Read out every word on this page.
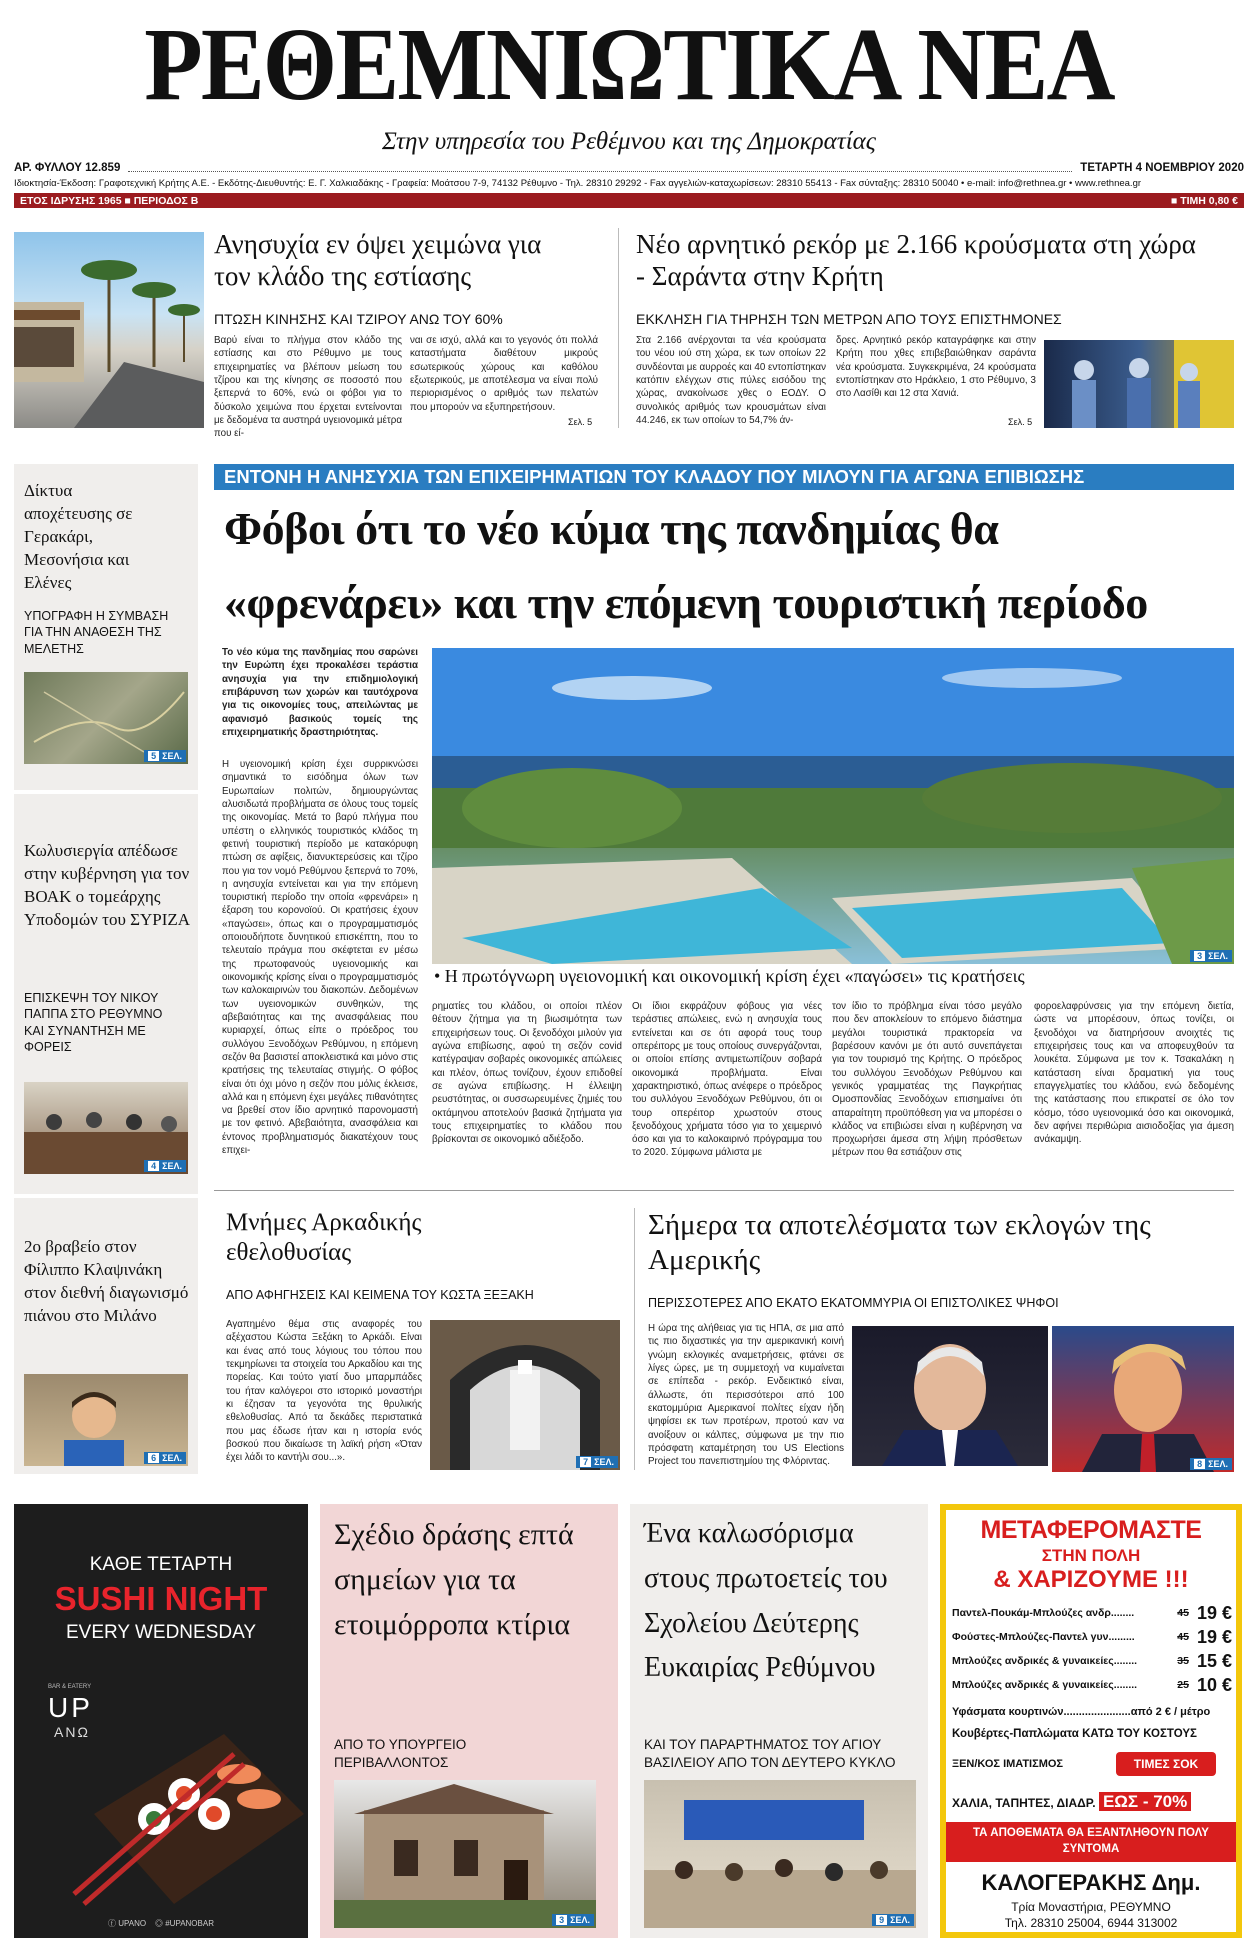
ΡΕΘΕΜΝΙΩΤΙΚΑ ΝΕΑ
Στην υπηρεσία του Ρεθέμνου και της Δημοκρατίας
ΑΡ. ΦΥΛΛΟΥ 12.859	ΤΕΤΑΡΤΗ 4 ΝΟΕΜΒΡΙΟΥ 2020
Ιδιοκτησία-Έκδοση: Γραφοτεχνική Κρήτης Α.Ε. - Εκδότης-Διευθυντής: Ε. Γ. Χαλκιαδάκης - Γραφεία: Μοάτσου 7-9, 74132 Ρέθυμνο - Τηλ. 28310 29292 - Fax αγγελιών-καταχωρίσεων: 28310 55413 - Fax σύνταξης: 28310 50040 • e-mail: info@rethnea.gr • www.rethnea.gr
ΕΤΟΣ ΙΔΡΥΣΗΣ 1965 ■ ΠΕΡΙΟΔΟΣ Β	■ ΤΙΜΗ 0,80 €
Ανησυχία εν όψει χειμώνα για τον κλάδο της εστίασης
ΠΤΩΣΗ ΚΙΝΗΣΗΣ ΚΑΙ ΤΖΙΡΟΥ ΑΝΩ ΤΟΥ 60%
Βαρύ είναι το πλήγμα στον κλάδο της εστίασης και στο Ρέθυμνο με τους επιχειρηματίες να βλέπουν μείωση του τζίρου και της κίνησης σε ποσοστό που ξεπερνά το 60%, ενώ οι φόβοι για το δύσκολο χειμώνα που έρχεται εντείνονται με δεδομένα τα αυστηρά υγειονομικά μέτρα που εί-
ναι σε ισχύ, αλλά και το γεγονός ότι πολλά καταστήματα διαθέτουν μικρούς εσωτερικούς χώρους και καθόλου εξωτερικούς, με αποτέλεσμα να είναι πολύ περιορισμένος ο αριθμός των πελατών που μπορούν να εξυπηρετήσουν.
Σελ. 5
Νέο αρνητικό ρεκόρ με 2.166 κρούσματα στη χώρα - Σαράντα στην Κρήτη
ΕΚΚΛΗΣΗ ΓΙΑ ΤΗΡΗΣΗ ΤΩΝ ΜΕΤΡΩΝ ΑΠΟ ΤΟΥΣ ΕΠΙΣΤΗΜΟΝΕΣ
Στα 2.166 ανέρχονται τα νέα κρούσματα του νέου ιού στη χώρα, εκ των οποίων 22 συνδέονται με αυρροές και 40 εντοπίστηκαν κατόπιν ελέγχων στις πύλες εισόδου της χώρας, ανακοίνωσε χθες ο ΕΟΔΥ. Ο συνολικός αριθμός των κρουσμάτων είναι 44.246, εκ των οποίων το 54,7% άν-
δρες. Αρνητικό ρεκόρ καταγράφηκε και στην Κρήτη που χθες επιβεβαιώθηκαν σαράντα νέα κρούσματα. Συγκεκριμένα, 24 κρούσματα εντοπίστηκαν στο Ηράκλειο, 1 στο Ρέθυμνο, 3 στο Λασίθι και 12 στα Χανιά.
Σελ. 5
Δίκτυα αποχέτευσης σε Γερακάρι, Μεσονήσια και Ελένες
ΥΠΟΓΡΑΦΗ Η ΣΥΜΒΑΣΗ ΓΙΑ ΤΗΝ ΑΝΑΘΕΣΗ ΤΗΣ ΜΕΛΕΤΗΣ
5 ΣΕΛ.
Κωλυσιεργία απέδωσε στην κυβέρνηση για τον ΒΟΑΚ ο τομεάρχης Υποδομών του ΣΥΡΙΖΑ
ΕΠΙΣΚΕΨΗ ΤΟΥ ΝΙΚΟΥ ΠΑΠΠΑ ΣΤΟ ΡΕΘΥΜΝΟ ΚΑΙ ΣΥΝΑΝΤΗΣΗ ΜΕ ΦΟΡΕΙΣ
4 ΣΕΛ.
2ο βραβείο στον Φίλιππο Κλαψινάκη στον διεθνή διαγωνισμό πιάνου στο Μιλάνο
6 ΣΕΛ.
ΕΝΤΟΝΗ Η ΑΝΗΣΥΧΙΑ ΤΩΝ ΕΠΙΧΕΙΡΗΜΑΤΙΩΝ ΤΟΥ ΚΛΑΔΟΥ ΠΟΥ ΜΙΛΟΥΝ ΓΙΑ ΑΓΩΝΑ ΕΠΙΒΙΩΣΗΣ
Φόβοι ότι το νέο κύμα της πανδημίας θα
«φρενάρει» και την επόμενη τουριστική περίοδο
Το νέο κύμα της πανδημίας που σαρώνει την Ευρώπη έχει προκαλέσει τεράστια ανησυχία για την επιδημιολογική επιβάρυνση των χωρών και ταυτόχρονα για τις οικονομίες τους, απειλώντας με αφανισμό βασικούς τομείς της επιχειρηματικής δραστηριότητας.
Η υγειονομική κρίση έχει συρρικνώσει σημαντικά το εισόδημα όλων των Ευρωπαίων πολιτών, δημιουργώντας αλυσιδωτά προβλήματα σε όλους τους τομείς της οικονομίας. Μετά το βαρύ πλήγμα που υπέστη ο ελληνικός τουριστικός κλάδος τη φετινή τουριστική περίοδο με κατακόρυφη πτώση σε αφίξεις, διανυκτερεύσεις και τζίρο που για τον νομό Ρεθύμνου ξεπερνά το 70%, η ανησυχία εντείνεται και για την επόμενη τουριστική περίοδο την οποία «φρενάρει» η έξαρση του κορονοϊού. Οι κρατήσεις έχουν «παγώσει», όπως και ο προγραμματισμός οποιουδήποτε δυνητικού επισκέπτη, που το τελευταίο πράγμα που σκέφτεται εν μέσω της πρωτοφανούς υγειονομικής και οικονομικής κρίσης είναι ο προγραμματισμός των καλοκαιρινών του διακοπών. Δεδομένων των υγειονομικών συνθηκών, της αβεβαιότητας και της ανασφάλειας που κυριαρχεί, όπως είπε ο πρόεδρος του συλλόγου Ξενοδόχων Ρεθύμνου, η επόμενη σεζόν θα βασιστεί αποκλειστικά και μόνο στις κρατήσεις της τελευταίας στιγμής. Ο φόβος είναι ότι όχι μόνο η σεζόν που μόλις έκλεισε, αλλά και η επόμενη έχει μεγάλες πιθανότητες να βρεθεί στον ίδιο αρνητικό παρονομαστή με τον φετινό. Αβεβαιότητα, ανασφάλεια και έντονος προβληματισμός διακατέχουν τους επιχει-
3 ΣΕΛ.
• Η πρωτόγνωρη υγειονομική και οικονομική κρίση έχει «παγώσει» τις κρατήσεις
ρηματίες του κλάδου, οι οποίοι πλέον θέτουν ζήτημα για τη βιωσιμότητα των επιχειρήσεων τους. Οι ξενοδόχοι μιλούν για αγώνα επιβίωσης, αφού τη σεζόν covid κατέγραψαν σοβαρές οικονομικές απώλειες και πλέον, όπως τονίζουν, έχουν επιδοθεί σε αγώνα επιβίωσης. Η έλλειψη ρευστότητας, οι συσσωρευμένες ζημιές του οκτάμηνου αποτελούν βασικά ζητήματα για τους επιχειρηματίες το κλάδου που βρίσκονται σε οικονομικό αδιέξοδο.
Οι ίδιοι εκφράζουν φόβους για νέες τεράστιες απώλειες, ενώ η ανησυχία τους εντείνεται και σε ότι αφορά τους τουρ οπερέιτορς με τους οποίους συνεργάζονται, οι οποίοι επίσης αντιμετωπίζουν σοβαρά οικονομικά προβλήματα. Είναι χαρακτηριστικό, όπως ανέφερε ο πρόεδρος του συλλόγου Ξενοδόχων Ρεθύμνου, ότι οι τουρ οπερέιτορ χρωστούν στους ξενοδόχους χρήματα τόσο για το χειμερινό όσο και για το καλοκαιρινό πρόγραμμα του το 2020. Σύμφωνα μάλιστα με
τον ίδιο το πρόβλημα είναι τόσο μεγάλο που δεν αποκλείουν το επόμενο διάστημα μεγάλοι τουριστικά πρακτορεία να βαρέσουν κανόνι με ότι αυτό συνεπάγεται για τον τουρισμό της Κρήτης. Ο πρόεδρος του συλλόγου Ξενοδόχων Ρεθύμνου και γενικός γραμματέας της Παγκρήτιας Ομοσπονδίας Ξενοδόχων επισημαίνει ότι απαραίτητη προϋπόθεση για να μπορέσει ο κλάδος να επιβιώσει είναι η κυβέρνηση να προχωρήσει άμεσα στη λήψη πρόσθετων μέτρων που θα εστιάζουν στις
φοροελαφρύνσεις για την επόμενη διετία, ώστε να μπορέσουν, όπως τονίζει, οι ξενοδόχοι να διατηρήσουν ανοιχτές τις επιχειρήσεις τους και να αποφευχθούν τα λουκέτα. Σύμφωνα με τον κ. Τσακαλάκη η κατάσταση είναι δραματική για τους επαγγελματίες του κλάδου, ενώ δεδομένης της κατάστασης που επικρατεί σε όλο τον κόσμο, τόσο υγειονομικά όσο και οικονομικά, δεν αφήνει περιθώρια αισιοδοξίας για άμεση ανάκαμψη.
Μνήμες Αρκαδικής εθελοθυσίας
ΑΠΟ ΑΦΗΓΗΣΕΙΣ ΚΑΙ ΚΕΙΜΕΝΑ ΤΟΥ ΚΩΣΤΑ ΞΕΞΑΚΗ
Αγαπημένο θέμα στις αναφορές του αξέχαστου Κώστα Ξεξάκη το Αρκάδι. Είναι και ένας από τους λόγιους του τόπου που τεκμηρίωνει τα στοιχεία του Αρκαδίου και της πορείας. Και τούτο γιατί δυο μπαρμπάδες του ήταν καλόγεροι στο ιστορικό μοναστήρι κι έζησαν τα γεγονότα της θρυλικής εθελοθυσίας. Από τα δεκάδες περιστατικά που μας έδωσε ήταν και η ιστορία ενός βοσκού που δικαίωσε τη λαϊκή ρήση «Όταν έχει λάδι το καντήλι σου...».	7 ΣΕΛ.
Σήμερα τα αποτελέσματα των εκλογών της Αμερικής
ΠΕΡΙΣΣΟΤΕΡΕΣ ΑΠΟ ΕΚΑΤΟ ΕΚΑΤΟΜΜΥΡΙΑ ΟΙ ΕΠΙΣΤΟΛΙΚΕΣ ΨΗΦΟΙ
Η ώρα της αλήθειας για τις ΗΠΑ, σε μια από τις πιο διχαστικές για την αμερικανική κοινή γνώμη εκλογικές αναμετρήσεις, φτάνει σε λίγες ώρες, με τη συμμετοχή να κυμαίνεται σε επίπεδα - ρεκόρ. Ενδεικτικό είναι, άλλωστε, ότι περισσότεροι από 100 εκατομμύρια Αμερικανοί πολίτες είχαν ήδη ψηφίσει εκ των προτέρων, προτού καν να ανοίξουν οι κάλπες, σύμφωνα με την πιο πρόσφατη καταμέτρηση του US Elections Project του πανεπιστημίου της Φλόριντας.	8 ΣΕΛ.
ΚΑΘΕ ΤΕΤΑΡΤΗ
SUSHI NIGHT
EVERY WEDNESDAY
BAR & EATERY
UP
ΑΝΩ
ⓕ UPANO ◎ #UPANOBAR
Σχέδιο δράσης επτά σημείων για τα ετοιμόρροπα κτίρια
ΑΠΟ ΤΟ ΥΠΟΥΡΓΕΙΟ ΠΕΡΙΒΑΛΛΟΝΤΟΣ
3 ΣΕΛ.
Ένα καλωσόρισμα στους πρωτοετείς του Σχολείου Δεύτερης Ευκαιρίας Ρεθύμνου
ΚΑΙ ΤΟΥ ΠΑΡΑΡΤΗΜΑΤΟΣ ΤΟΥ ΑΓΙΟΥ ΒΑΣΙΛΕΙΟΥ ΑΠΟ ΤΟΝ ΔΕΥΤΕΡΟ ΚΥΚΛΟ
9 ΣΕΛ.
ΜΕΤΑΦΕΡΟΜΑΣΤΕ
ΣΤΗΝ ΠΟΛΗ
& ΧΑΡΙΖΟΥΜΕ !!!
Παντελ-Πουκάμ-Μπλούζες ανδρ........	45 19 €
Φούστες-Μπλούζες-Παντελ γυν.........	45 19 €
Μπλούζες ανδρικές & γυναικείες........	35 15 €
Μπλούζες ανδρικές & γυναικείες........	25 10 €
Υφάσματα κουρτινών......................από 2 € / μέτρο
Κουβέρτες-Παπλώματα ΚΑΤΩ ΤΟΥ ΚΟΣΤΟΥΣ
ΞΕΝ/ΚΟΣ ΙΜΑΤΙΣΜΟΣ	ΤΙΜΕΣ ΣΟΚ
ΧΑΛΙΑ, ΤΑΠΗΤΕΣ, ΔΙΑΔΡ. ΕΩΣ - 70%
ΤΑ ΑΠΟΘΕΜΑΤΑ ΘΑ ΕΞΑΝΤΛΗΘΟΥΝ ΠΟΛΥ ΣΥΝΤΟΜΑ
ΚΑΛΟΓΕΡΑΚΗΣ Δημ.
Τρία Μοναστήρια, ΡΕΘΥΜΝΟ
Τηλ. 28310 25004, 6944 313002
